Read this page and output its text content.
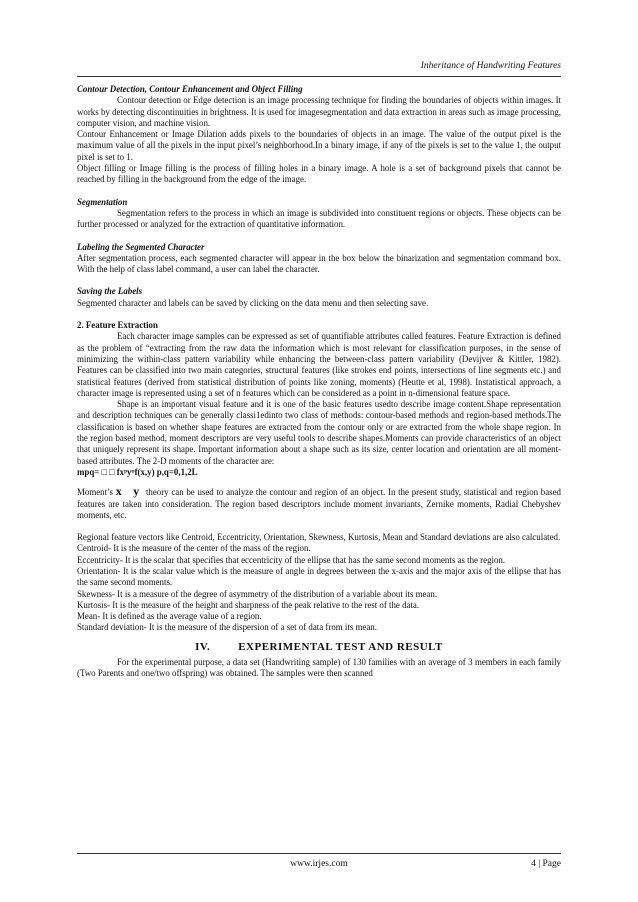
Inheritance of Handwriting Features

Contour Detection, Contour Enhancement and Object Filling

Contour detection or Edge detection is an image processing technique for finding the boundaries of objects within images. It works by detecting discontinuities in brightness. It is used for imagesegmentation and data extraction in areas such as image processing, computer vision, and machine vision.

Contour Enhancement or Image Dilation adds pixels to the boundaries of objects in an image. The value of the output pixel is the maximum value of all the pixels in the input pixel’s neighborhood.In a binary image, if any of the pixels is set to the value 1, the output pixel is set to 1.

Object filling or Image filling is the process of filling holes in a binary image. A hole is a set of background pixels that cannot be reached by filling in the background from the edge of the image.

Segmentation

Segmentation refers to the process in which an image is subdivided into constituent regions or objects. These objects can be further processed or analyzed for the extraction of quantitative information.

Labeling the Segmented Character

After segmentation process, each segmented character will appear in the box below the binarization and segmentation command box. With the help of class label command, a user can label the character.

Saving the Labels

Segmented character and labels can be saved by clicking on the data menu and then selecting save.

2. Feature Extraction

Each character image samples can be expressed as set of quantifiable attributes called features. Feature Extraction is defined as the problem of “extracting from the raw data the information which is most relevant for classification purposes, in the sense of minimizing the within-class pattern variability while enhancing the between-class pattern variability (Devijver & Kittler, 1982). Features can be classified into two main categories, structural features (like strokes end points, intersections of line segments etc.) and statistical features (derived from statistical distribution of points like zoning, moments) (Heutte et al, 1998). Instatistical approach, a character image is represented using a set of n features which can be considered as a point in n-dimensional feature space.

Shape is an important visual feature and it is one of the basic features usedto describe image content.Shape representation and description techniques can be generally classi1edinto two class of methods: contour-based methods and region-based methods.The classification is based on whether shape features are extracted from the contour only or are extracted from the whole shape region. In the region based method, moment descriptors are very useful tools to describe shapes.Moments can provide characteristics of an object that uniquely represent its shape. Important information about a shape such as its size, center location and orientation are all moment-based attributes. The 2-D moments of the character are:

mpq= □ □ fxᵖyᵠf(x,y) p,q=0,1,2L

Moment’s x y theory can be used to analyze the contour and region of an object. In the present study, statistical and region based features are taken into consideration. The region based descriptors include moment invariants, Zernike moments, Radial Chebyshev moments, etc.

Regional feature vectors like Centroid, Eccentricity, Orientation, Skewness, Kurtosis, Mean and Standard deviations are also calculated.

Centroid- It is the measure of the center of the mass of the region.

Eccentricity- It is the scalar that specifies that eccentricity of the ellipse that has the same second moments as the region.

Orientation- It is the scalar value which is the measure of angle in degrees between the x-axis and the major axis of the ellipse that has the same second moments.

Skewness- It is a measure of the degree of asymmetry of the distribution of a variable about its mean.

Kurtosis- It is the measure of the height and sharpness of the peak relative to the rest of the data.

Mean- It is defined as the average value of a region.

Standard deviation- It is the measure of the dispersion of a set of data from its mean.

IV.	EXPERIMENTAL TEST AND RESULT

For the experimental purpose, a data set (Handwriting sample) of 130 families with an average of 3 members in each family (Two Parents and one/two offspring) was obtained. The samples were then scanned

www.irjes.com	4 | Page
